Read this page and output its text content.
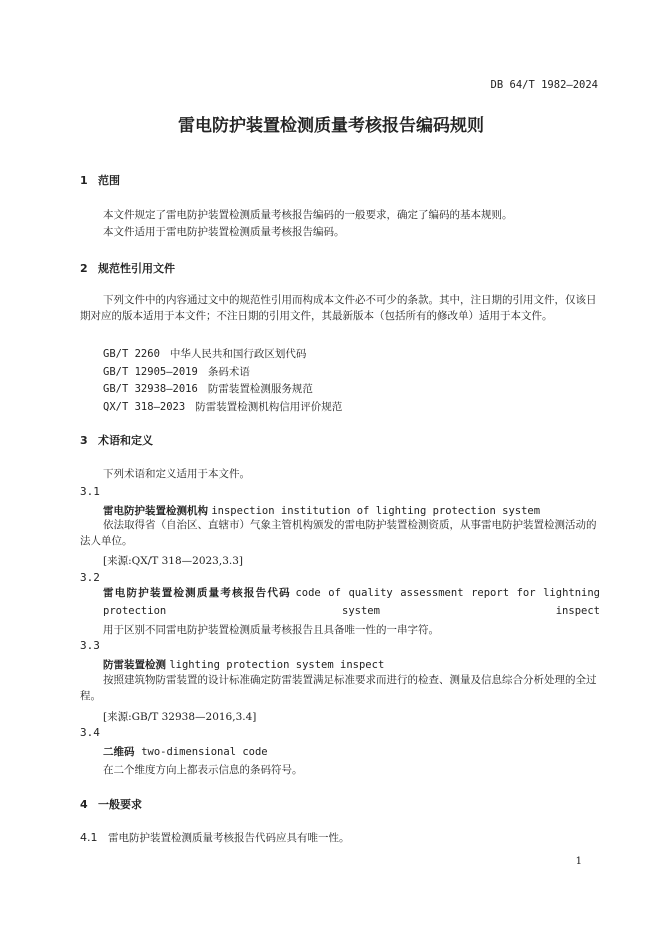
DB 64/T 1982—2024
雷电防护装置检测质量考核报告编码规则
1 范围
本文件规定了雷电防护装置检测质量考核报告编码的一般要求，确定了编码的基本规则。
本文件适用于雷电防护装置检测质量考核报告编码。
2 规范性引用文件
下列文件中的内容通过文中的规范性引用而构成本文件必不可少的条款。其中，注日期的引用文件，仅该日期对应的版本适用于本文件；不注日期的引用文件，其最新版本（包括所有的修改单）适用于本文件。
GB/T 2260 中华人民共和国行政区划代码
GB/T 12905—2019 条码术语
GB/T 32938—2016 防雷装置检测服务规范
QX/T 318—2023 防雷装置检测机构信用评价规范
3 术语和定义
下列术语和定义适用于本文件。
3.1
雷电防护装置检测机构 inspection institution of lighting protection system
依法取得省（自治区、直辖市）气象主管机构颁发的雷电防护装置检测资质，从事雷电防护装置检测活动的法人单位。
[来源:QX/T 318—2023,3.3]
3.2
雷电防护装置检测质量考核报告代码 code of quality assessment report for lightning protection system inspect
用于区别不同雷电防护装置检测质量考核报告且具备唯一性的一串字符。
3.3
防雷装置检测 lighting protection system inspect
按照建筑物防雷装置的设计标准确定防雷装置满足标准要求而进行的检查、测量及信息综合分析处理的全过程。
[来源:GB/T 32938—2016,3.4]
3.4
二维码 two-dimensional code
在二个维度方向上都表示信息的条码符号。
4 一般要求
4.1 雷电防护装置检测质量考核报告代码应具有唯一性。
1
